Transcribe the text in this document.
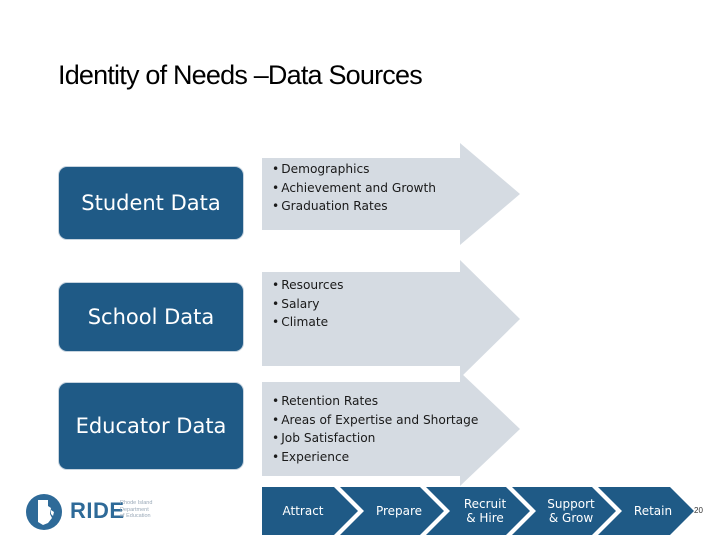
Identity of Needs –Data Sources
Student Data
• Demographics
• Achievement and Growth
• Graduation Rates
School Data
• Resources
• Salary
• Climate
Educator Data
• Retention Rates
• Areas of Expertise and Shortage
• Job Satisfaction
• Experience
Attract	Prepare	Recruit
& Hire
Support
& Grow	Retain
RIDE
Rhode Island
Department
of Education
20
